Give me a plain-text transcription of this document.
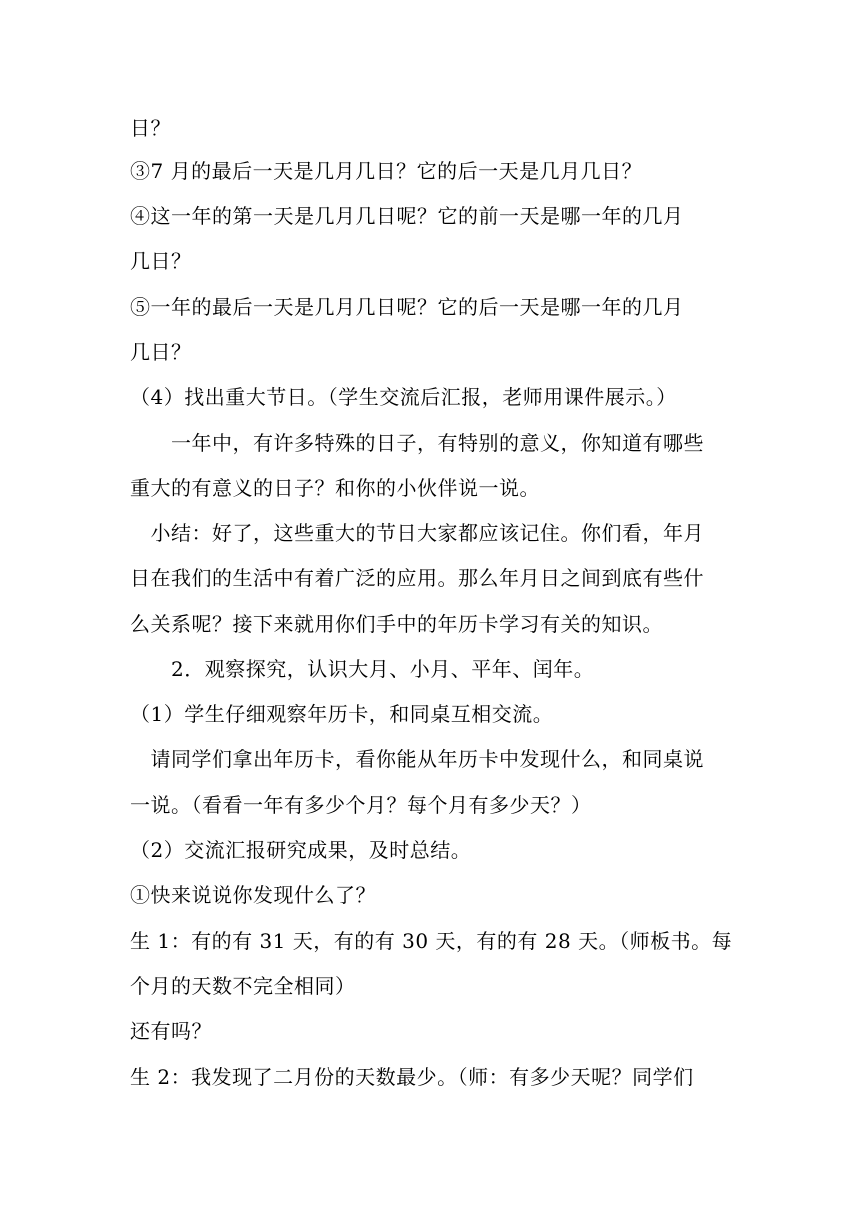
日？
③7 月的最后一天是几月几日？它的后一天是几月几日？
④这一年的第一天是几月几日呢？它的前一天是哪一年的几月
几日？
⑤一年的最后一天是几月几日呢？它的后一天是哪一年的几月
几日？
（4）找出重大节日。（学生交流后汇报，老师用课件展示。）
　　一年中，有许多特殊的日子，有特别的意义，你知道有哪些
重大的有意义的日子？和你的小伙伴说一说。
　小结：好了，这些重大的节日大家都应该记住。你们看，年月
日在我们的生活中有着广泛的应用。那么年月日之间到底有些什
么关系呢？接下来就用你们手中的年历卡学习有关的知识。
　　2．观察探究，认识大月、小月、平年、闰年。
（1）学生仔细观察年历卡，和同桌互相交流。
　请同学们拿出年历卡，看你能从年历卡中发现什么，和同桌说
一说。（看看一年有多少个月？每个月有多少天？）
（2）交流汇报研究成果，及时总结。
①快来说说你发现什么了？
生 1：有的有 31 天，有的有 30 天，有的有 28 天。（师板书。每
个月的天数不完全相同）
还有吗？
生 2：我发现了二月份的天数最少。（师：有多少天呢？同学们
